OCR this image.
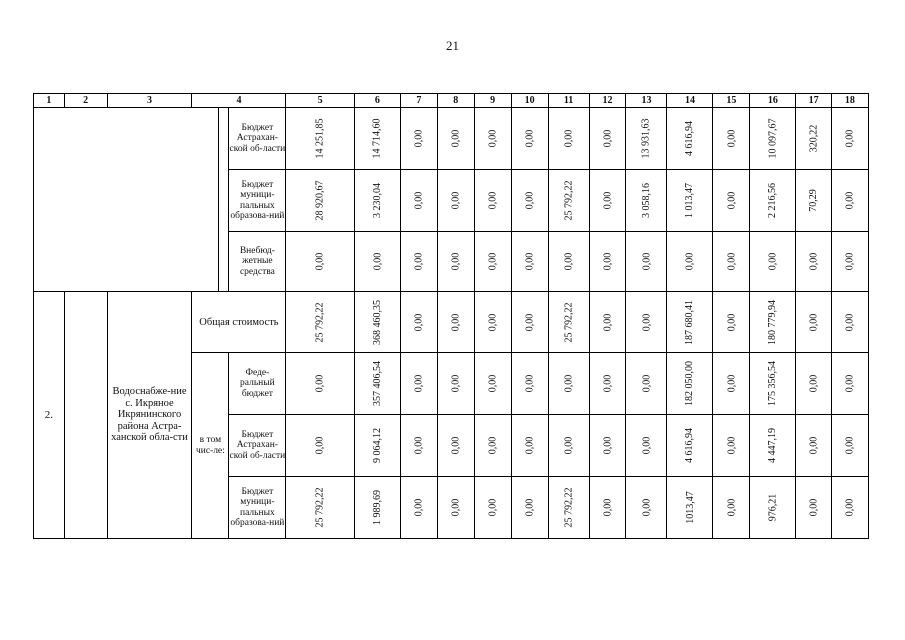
21
1	2	3	4			5	6	7	8	9	10	11	12	13	14	15	16	17	18
					Бюджет Астрахан-ской об-ласти	14 251,85	14 714,60	0,00	0,00	0,00	0,00	0,00	0,00	13 931,63	4 616,94	0,00	10 097,67	320,22	0,00
					Бюджет муници-пальных образова-ний	28 920,67	3 230,04	0,00	0,00	0,00	0,00	25 792,22	0,00	3 058,16	1 013,47	0,00	2 216,56	70,29	0,00
					Внебюд-жетные средства	0,00	0,00	0,00	0,00	0,00	0,00	0,00	0,00	0,00	0,00	0,00	0,00	0,00	0,00
2.		Водоснабже-ние с. Икряное Икрянинского района Астра-ханской обла-сти	Общая стоимость			25 792,22	368 460,35	0,00	0,00	0,00	0,00	25 792,22	0,00	0,00	187 680,41	0,00	180 779,94	0,00	0,00
			в том чис-ле:		Феде-ральный бюджет	0,00	357 406,54	0,00	0,00	0,00	0,00	0,00	0,00	0,00	182 050,00	0,00	175 356,54	0,00	0,00
					Бюджет Астрахан-ской об-ласти	0,00	9 064,12	0,00	0,00	0,00	0,00	0,00	0,00	0,00	4 616,94	0,00	4 447,19	0,00	0,00
					Бюджет муници-пальных образова-ний	25 792,22	1 989,69	0,00	0,00	0,00	0,00	25 792,22	0,00	0,00	1013,47	0,00	976,21	0,00	0,00
